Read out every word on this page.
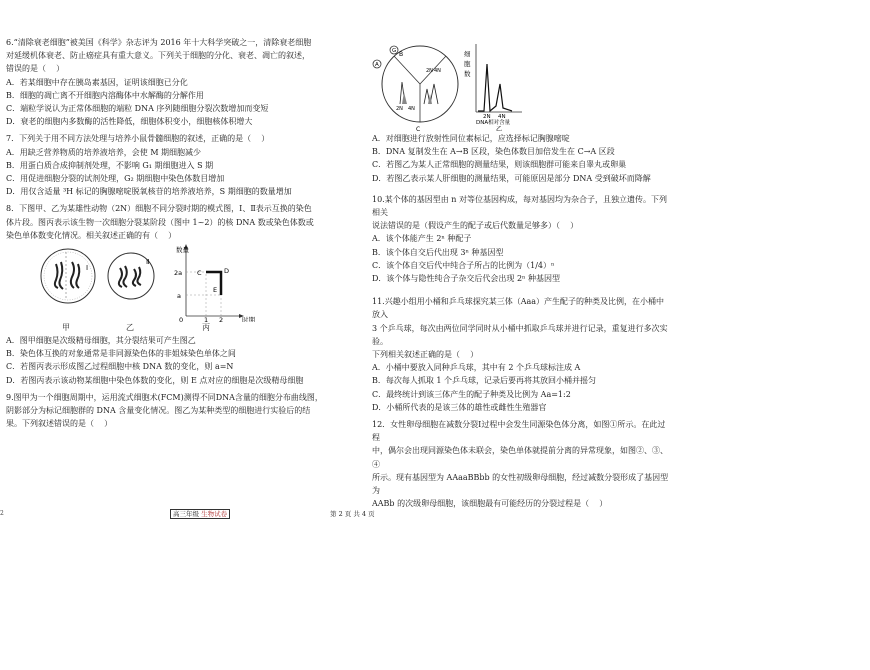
6.“清除衰老细胞”被美国《科学》杂志评为 2016 年十大科学突破之一，清除衰老细胞
对延缓机体衰老、防止癌症具有重大意义。下列关于细胞的分化、衰老、凋亡的叙述，
错误的是（    ）
A．若某细胞中存在胰岛素基因，证明该细胞已分化
B．细胞的凋亡离不开细胞内溶酶体中水解酶的分解作用
C．端粒学说认为正常体细胞的端粒 DNA 序列随细胞分裂次数增加而变短
D．衰老的细胞内多数酶的活性降低，细胞体积变小，细胞核体积增大
7．下列关于用不同方法处理与培养小鼠骨髓细胞的叙述，正确的是（    ）
A．用缺乏营养物质的培养液培养，会使 M 期细胞减少
B．用蛋白质合成抑制剂处理，不影响 G₁ 期细胞进入 S 期
C．用促进细胞分裂的试剂处理，G₂ 期细胞中染色体数目增加
D．用仅含适量 ³H 标记的胸腺嘧啶脱氧核苷的培养液培养，S 期细胞的数量增加
8．下图甲、乙为某雄性动物（2N）细胞不同分裂时期的模式图，Ⅰ、Ⅱ表示互换的染色
体片段。图丙表示该生物一次细胞分裂某阶段（图中 1~2）的核 DNA 数或染色体数或
染色单体数变化情况。相关叙述正确的有（    ）
Ⅰ
Ⅱ
数量
2a
a
0	1 2	时期
C	D
E
甲	乙	丙
A．图甲细胞是次级精母细胞，其分裂结果可产生图乙
B．染色体互换的对象通常是非同源染色体的非姐妹染色单体之间
C．若图丙表示形成图乙过程细胞中核 DNA 数的变化，则 a=N
D．若图丙表示该动物某细胞中染色体数的变化，则 E 点对应的细胞是次级精母细胞
9.图甲为一个细胞周期中，运用流式细胞术(FCM)测得不同DNA含量的细胞分布曲线图，
阴影部分为标记细胞群的 DNA 含量变化情况。图乙为某种类型的细胞进行实验后的结
果。下列叙述错误的是（    ）
G
A
B
C
2N 4N
2N 4N
细
胞
数
2N 4N
DNA相对含量
乙
A．对细胞进行放射性同位素标记，应选择标记胸腺嘧啶
B．DNA 复制发生在 A→B 区段，染色体数目加倍发生在 C→A 区段
C．若图乙为某人正常细胞的测量结果，则该细胞群可能来自睾丸或卵巢
D．若图乙表示某人肝细胞的测量结果，可能原因是部分 DNA 受到破坏而降解
10.某个体的基因型由 n 对等位基因构成，每对基因均为杂合子，且独立遗传。下列相关
说法错误的是（假设产生的配子或后代数量足够多）（    ）
A．该个体能产生 2ⁿ 种配子
B．该个体自交后代出现 3ⁿ 种基因型
C．该个体自交后代中纯合子所占的比例为（1/4）ⁿ
D．该个体与隐性纯合子杂交后代会出现 2ⁿ 种基因型
11.兴趣小组用小桶和乒乓球探究某三体（Aaa）产生配子的种类及比例，在小桶中放入
3 个乒乓球，每次由两位同学同时从小桶中抓取乒乓球并进行记录，重复进行多次实验。
下列相关叙述正确的是（    ）
A．小桶中要放入同种乒乓球，其中有 2 个乒乓球标注成 A
B．每次每人抓取 1 个乒乓球，记录后要再将其放回小桶并摇匀
C．最终统计到该三体产生的配子种类及比例为 Aa=1:2
D．小桶所代表的是该三体的雄性或雌性生殖器官
12．女性卵母细胞在减数分裂Ⅰ过程中会发生同源染色体分离，如图①所示。在此过程
中，偶尔会出现同源染色体未联会，染色单体就提前分离的异常现象，如图②、③、④
所示。现有基因型为 AAaaBBbb 的女性初级卵母细胞，经过减数分裂形成了基因型为
AABb 的次级卵母细胞，该细胞最有可能经历的分裂过程是（    ）
2	高三年级 生物试卷	第 2 页 共 4 页
